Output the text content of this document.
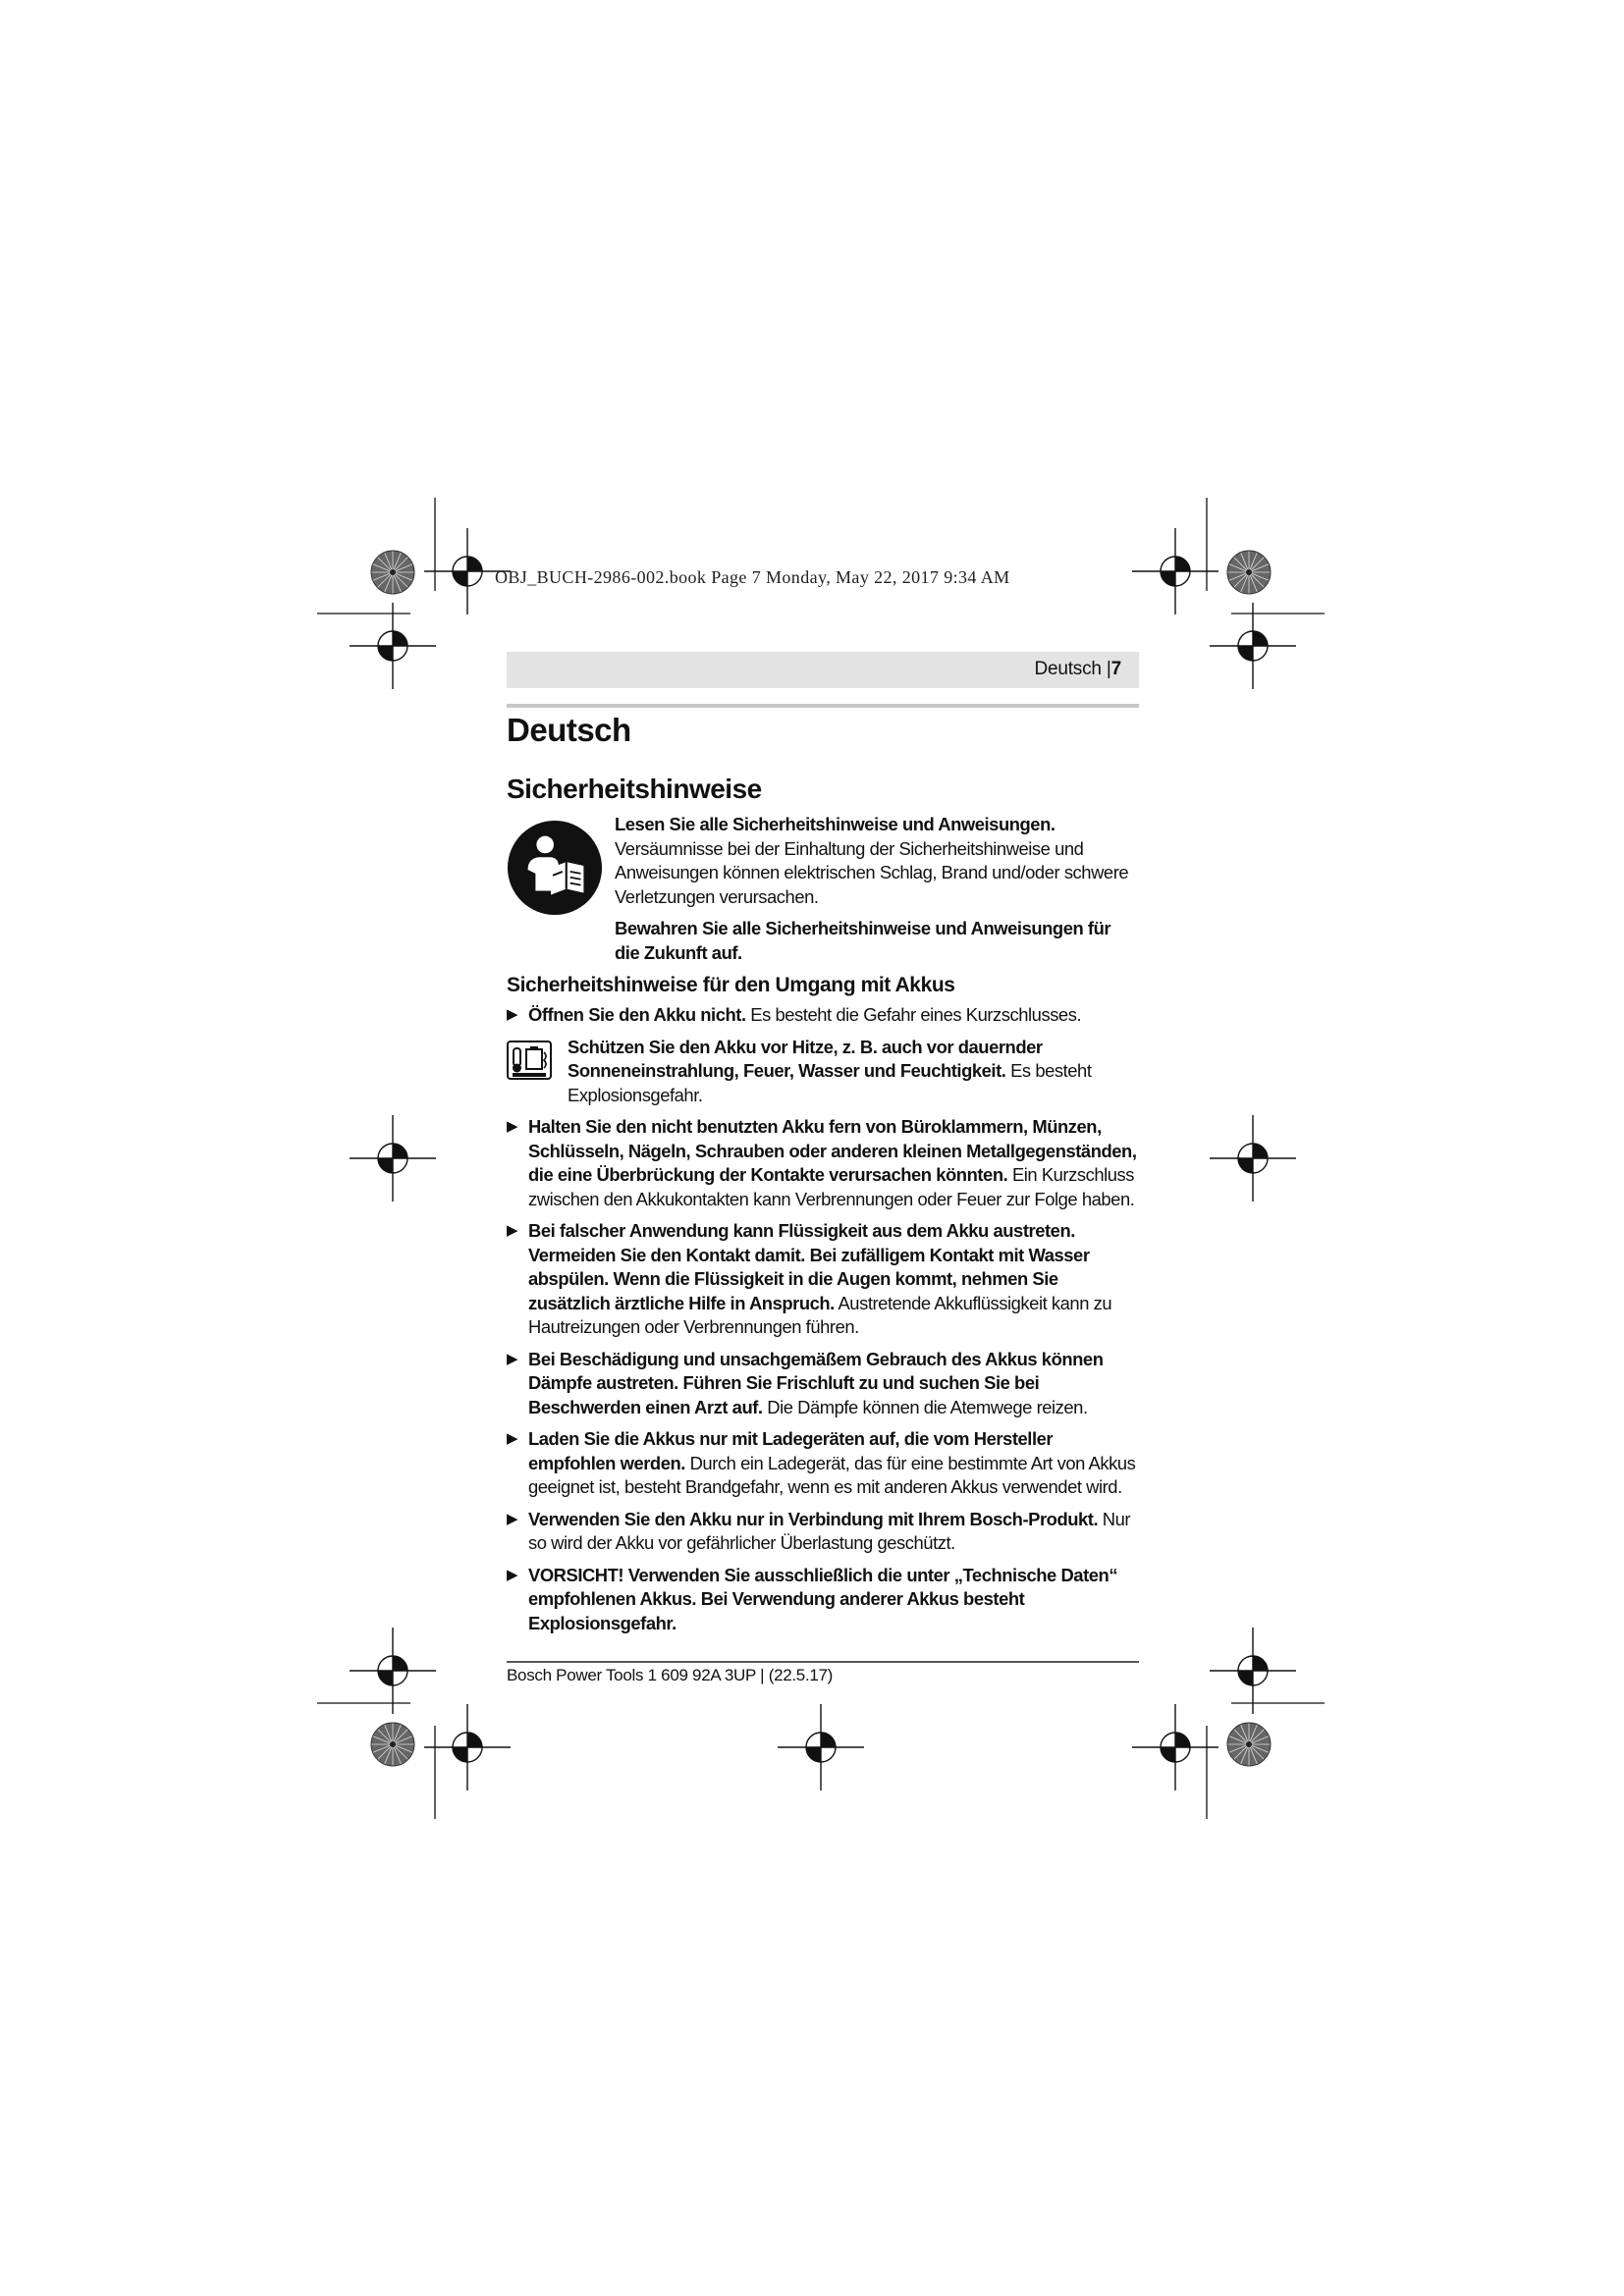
OBJ_BUCH-2986-002.book Page 7 Monday, May 22, 2017 9:34 AM
Deutsch |7
Deutsch
Sicherheitshinweise

Lesen Sie alle Sicherheitshinweise und Anweisungen. Versäumnisse bei der Einhaltung der Sicherheitshinweise und Anweisungen können elektrischen Schlag, Brand und/oder schwere Verletzungen verursachen.

Bewahren Sie alle Sicherheitshinweise und Anweisungen für die Zukunft auf.

Sicherheitshinweise für den Umgang mit Akkus
▶ Öffnen Sie den Akku nicht. Es besteht die Gefahr eines Kurzschlusses.
Schützen Sie den Akku vor Hitze, z. B. auch vor dauernder Sonneneinstrahlung, Feuer, Wasser und Feuchtigkeit. Es besteht Explosionsgefahr.
▶ Halten Sie den nicht benutzten Akku fern von Büroklammern, Münzen, Schlüsseln, Nägeln, Schrauben oder anderen kleinen Metallgegenständen, die eine Überbrückung der Kontakte verursachen könnten. Ein Kurzschluss zwischen den Akkukontakten kann Verbrennungen oder Feuer zur Folge haben.
▶ Bei falscher Anwendung kann Flüssigkeit aus dem Akku austreten. Vermeiden Sie den Kontakt damit. Bei zufälligem Kontakt mit Wasser abspülen. Wenn die Flüssigkeit in die Augen kommt, nehmen Sie zusätzlich ärztliche Hilfe in Anspruch. Austretende Akkuflüssigkeit kann zu Hautreizungen oder Verbrennungen führen.
▶ Bei Beschädigung und unsachgemäßem Gebrauch des Akkus können Dämpfe austreten. Führen Sie Frischluft zu und suchen Sie bei Beschwerden einen Arzt auf. Die Dämpfe können die Atemwege reizen.
▶ Laden Sie die Akkus nur mit Ladegeräten auf, die vom Hersteller empfohlen werden. Durch ein Ladegerät, das für eine bestimmte Art von Akkus geeignet ist, besteht Brandgefahr, wenn es mit anderen Akkus verwendet wird.
▶ Verwenden Sie den Akku nur in Verbindung mit Ihrem Bosch-Produkt. Nur so wird der Akku vor gefährlicher Überlastung geschützt.
▶ VORSICHT! Verwenden Sie ausschließlich die unter „Technische Daten“ empfohlenen Akkus. Bei Verwendung anderer Akkus besteht Explosionsgefahr.
Bosch Power Tools 1 609 92A 3UP | (22.5.17)
